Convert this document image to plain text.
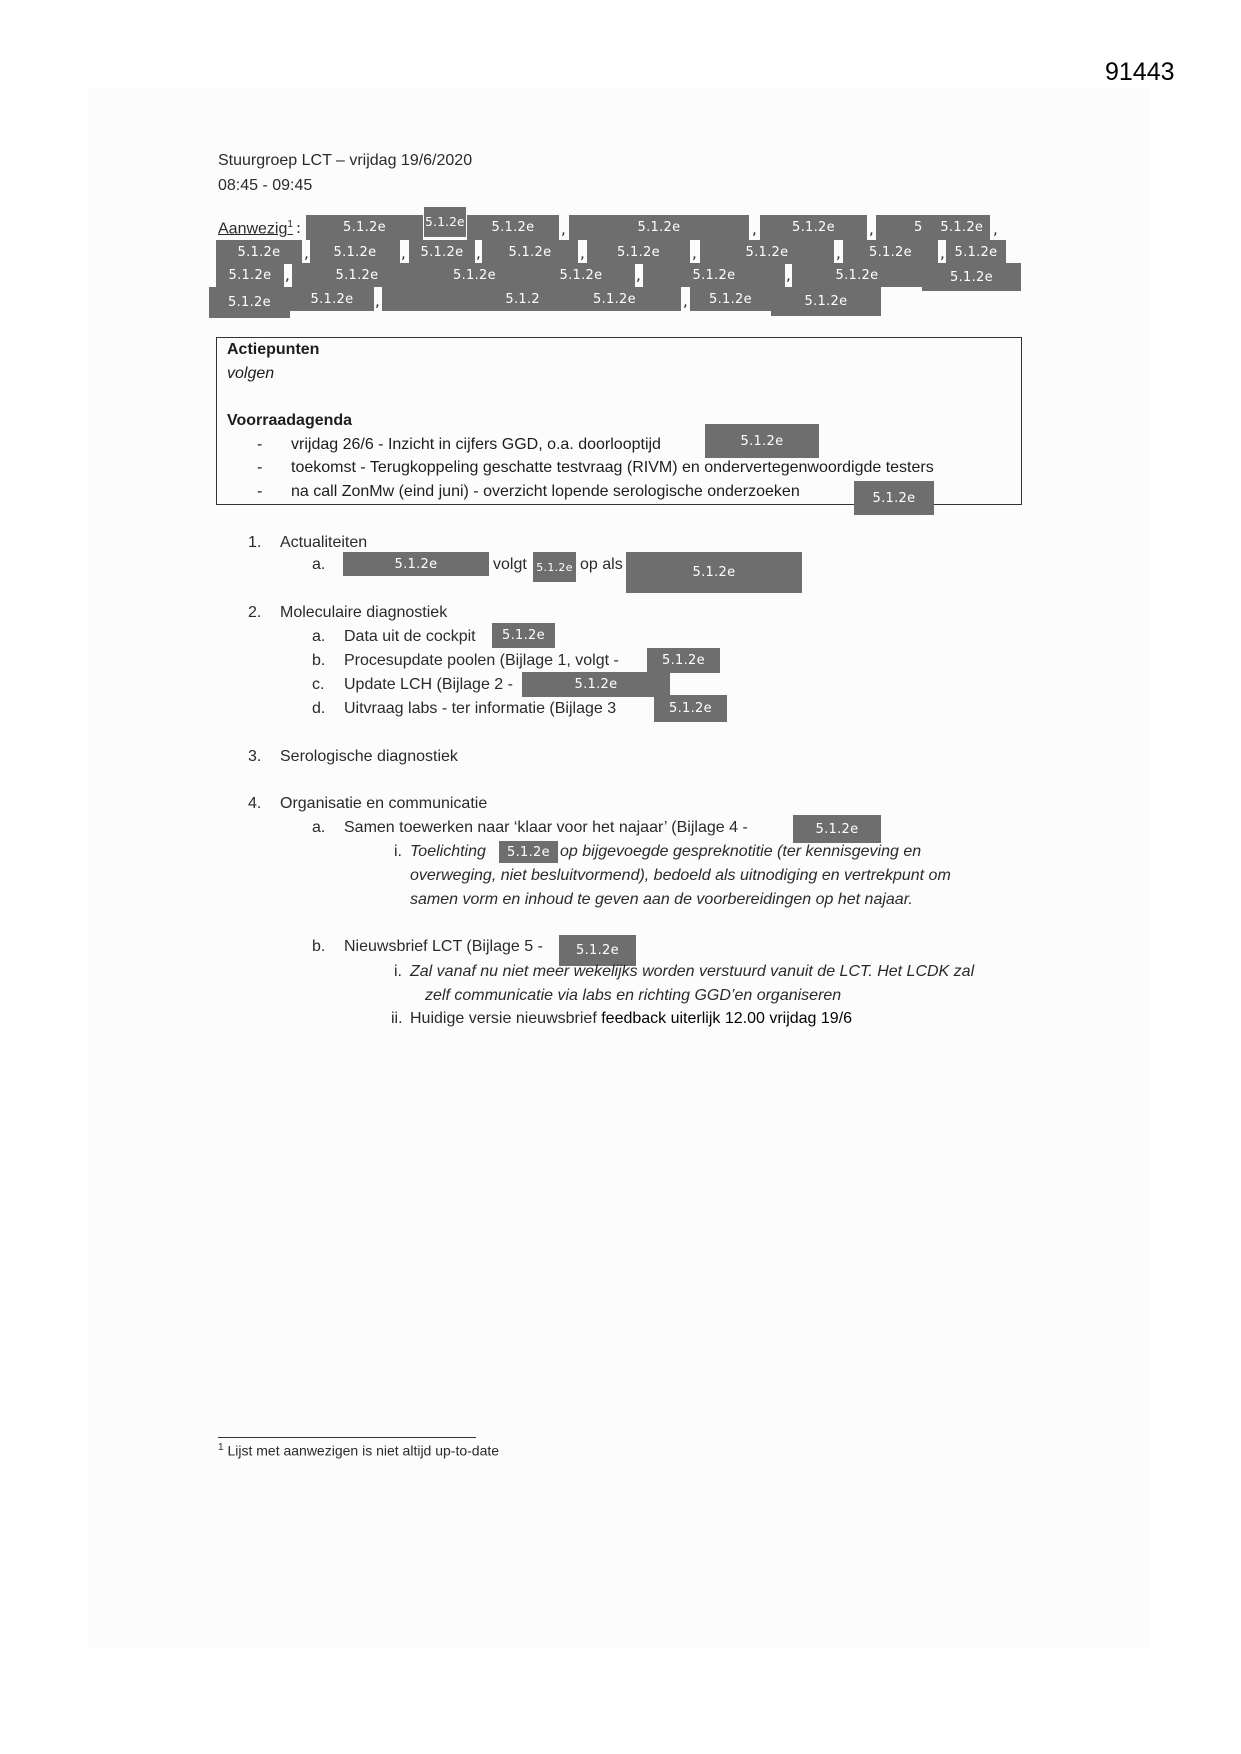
91443
Stuurgroep LCT – vrijdag 19/6/2020
08:45 - 09:45
Aanwezig$^1$ :	5.1.2e	5.1.2e	5.1.2e	,	5.1.2e	,	5.1.2e	,	5
5.1.2e ,
5.1.2e	,	5.1.2e	,	5.1.2e ,	5.1.2e	,	5.1.2e	,	5.1.2e	,	5.1.2e	, 5.1.2e
5.1.2e ,	5.1.2e	5.1.2e	5.1.2e	,	5.1.2e	,	5.1.2e	5.1.2e
5.1.2e	5.1.2e	,	5.1.2	5.1.2e	,	5.1.2e	5.1.2e
Actiepunten
volgen
Voorraadagenda
- vrijdag 26/6 - Inzicht in cijfers GGD, o.a. doorlooptijd
- toekomst - Terugkoppeling geschatte testvraag (RIVM) en ondervertegenwoordigde testers
- na call ZonMw (eind juni) - overzicht lopende serologische onderzoeken
5.1.2e
5.1.2e
1. Actualiteiten
a.	5.1.2e	volgt 5.1.2e op als	5.1.2e
2. Moleculaire diagnostiek
a. Data uit de cockpit	5.1.2e
b. Procesupdate poolen (Bijlage 1, volgt -	5.1.2e
c. Update LCH (Bijlage 2 -	5.1.2e
d. Uitvraag labs - ter informatie (Bijlage 3	5.1.2e
3. Serologische diagnostiek
4. Organisatie en communicatie
a. Samen toewerken naar ‘klaar voor het najaar’ (Bijlage 4 -	5.1.2e
i. Toelichting	5.1.2e op bijgevoegde gespreknotitie (ter kennisgeving en
overweging, niet besluitvormend), bedoeld als uitnodiging en vertrekpunt om
samen vorm en inhoud te geven aan de voorbereidingen op het najaar.
b. Nieuwsbrief LCT (Bijlage 5 -	5.1.2e
i. Zal vanaf nu niet meer wekelijks worden verstuurd vanuit de LCT. Het LCDK zal
zelf communicatie via labs en richting GGD’en organiseren
ii. Huidige versie nieuwsbrief feedback uiterlijk 12.00 vrijdag 19/6
$^1$ Lijst met aanwezigen is niet altijd up-to-date
